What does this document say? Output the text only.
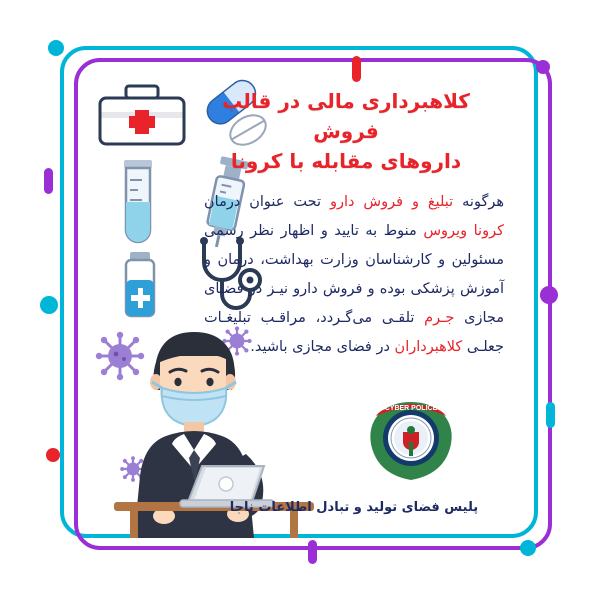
کلاهبرداری مالی در قالب فروش
داروهای مقابله با کرونا
هرگونه تبلیغ و فروش دارو تحت عنوان درمان کرونا ویروس منوط به تایید و اظهار نظر رسمی مسئولین و کارشناسان وزارت بهداشت، درمان و آموزش پزشکی بوده و فروش دارو نیـز در فضـای مجازی جـرم تلقـی می‌گـردد، مراقـب تبلیغـات جعلـی کلاهبرداران در فضای مجازی باشید.
CYBER POLICE
پلیس فضای تولید و تبادل اطلاعات ناجا
